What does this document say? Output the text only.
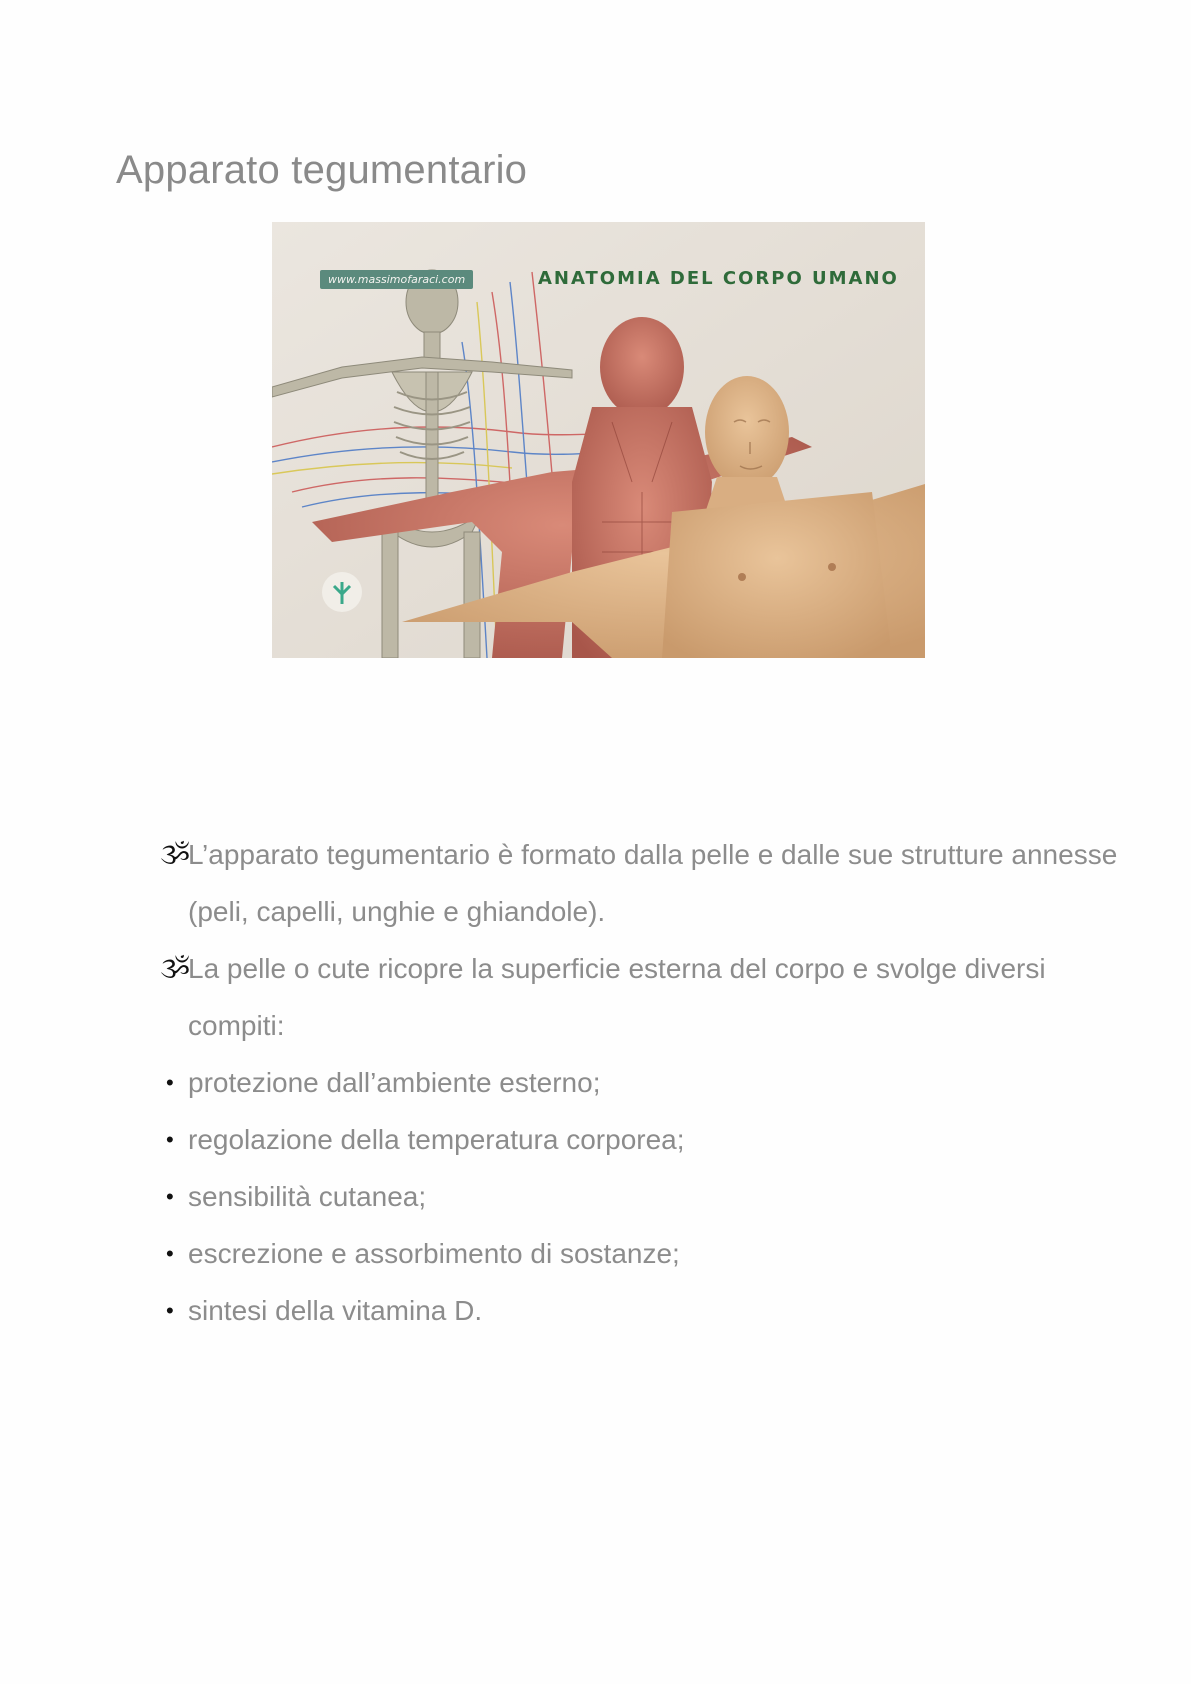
Apparato tegumentario
www.massimofaraci.com	ANATOMIA DEL CORPO UMANO
ૐ
L’apparato tegumentario è formato dalla pelle e dalle sue strutture annesse (peli, capelli, unghie e ghiandole).
ૐ
La pelle o cute ricopre la superficie esterna del corpo e svolge diversi compiti:
• protezione dall’ambiente esterno;
• regolazione della temperatura corporea;
• sensibilità cutanea;
• escrezione e assorbimento di sostanze;
• sintesi della vitamina D.
